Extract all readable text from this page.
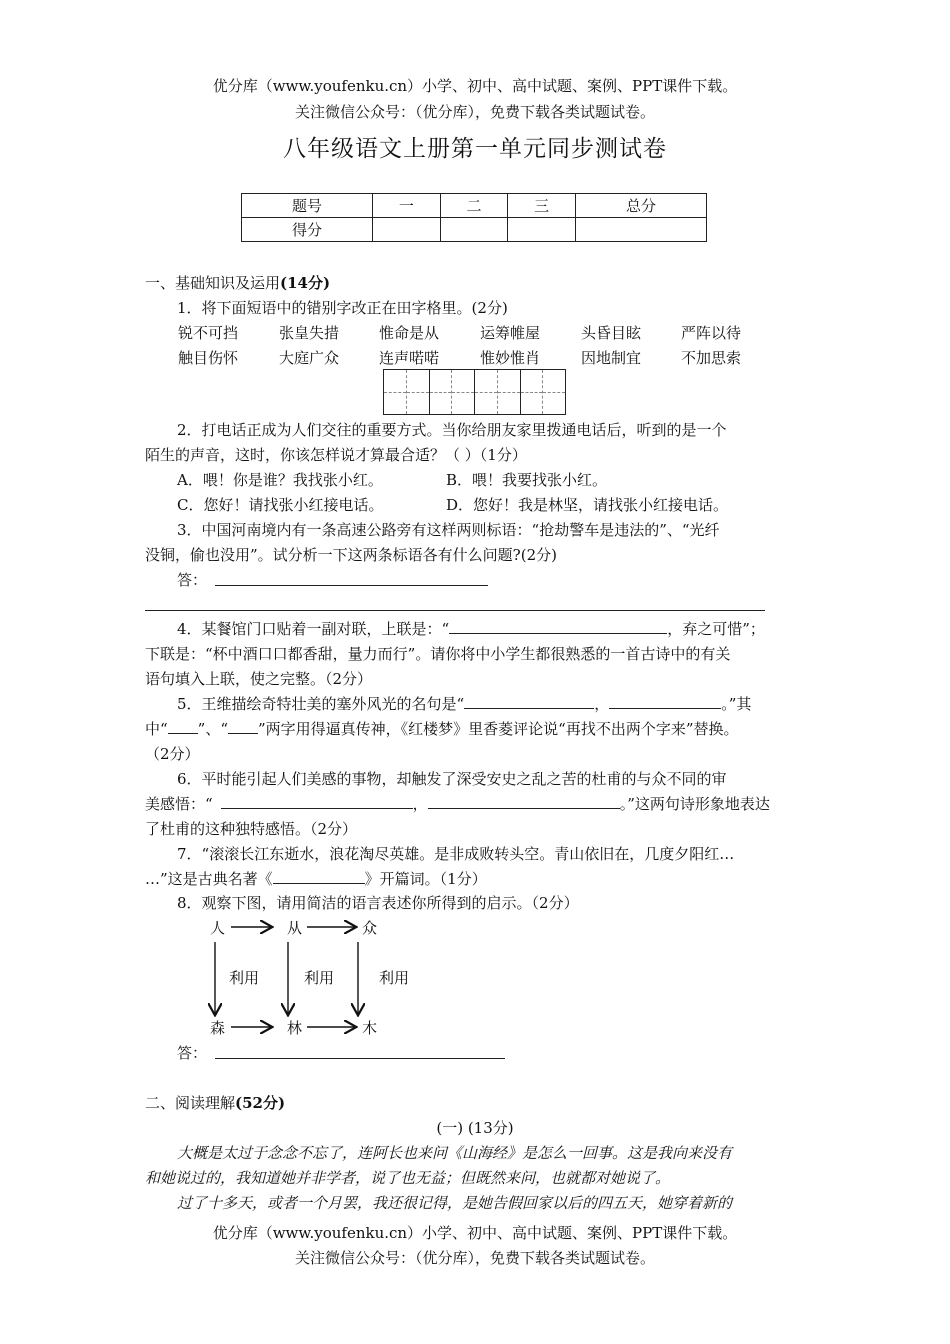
优分库（www.youfenku.cn）小学、初中、高中试题、案例、PPT课件下载。
关注微信公众号：（优分库），免费下载各类试题试卷。
八年级语文上册第一单元同步测试卷
题号	一	二	三	总分
得分				
一、基础知识及运用(14分)
1．将下面短语中的错别字改正在田字格里。(2分)
锐不可挡	张皇失措	惟命是从	运筹帷屋	头昏目眩	严阵以待
触目伤怀	大庭广众	连声喏喏	惟妙惟肖	因地制宜	不加思索
2．打电话正成为人们交往的重要方式。当你给朋友家里拨通电话后，听到的是一个
陌生的声音，这时，你该怎样说才算最合适？（ ）（1分）
A．喂！你是谁？我找张小红。	B．喂！我要找张小红。
C．您好！请找张小红接电话。	D．您好！我是林坚，请找张小红接电话。
3．中国河南境内有一条高速公路旁有这样两则标语：“抢劫警车是违法的”、“光纤
没铜，偷也没用”。试分析一下这两条标语各有什么问题?(2分)
答：
4．某餐馆门口贴着一副对联，上联是：“	，弃之可惜”；
下联是：“杯中酒口口都香甜，量力而行”。请你将中小学生都很熟悉的一首古诗中的有关
语句填入上联，使之完整。（2分）
5．王维描绘奇特壮美的塞外风光的名句是“	，	。”其
中“ ”、“ ”两字用得逼真传神，《红楼梦》里香菱评论说“再找不出两个字来”替换。
（2分）
6．平时能引起人们美感的事物，却触发了深受安史之乱之苦的杜甫的与众不同的审
美感悟：“	，	。”这两句诗形象地表达
了杜甫的这种独特感悟。（2分）
7．“滚滚长江东逝水，浪花淘尽英雄。是非成败转头空。青山依旧在，几度夕阳红…
…”这是古典名著《	》开篇词。（1分）
8．观察下图，请用简洁的语言表述你所得到的启示。（2分）
人	从	众
利用	利用	利用
森	林	木
答：
二、阅读理解(52分)
(一) (13分)
大概是太过于念念不忘了，连阿长也来问《山海经》是怎么一回事。这是我向来没有
和她说过的，我知道她并非学者，说了也无益；但既然来问，也就都对她说了。
过了十多天，或者一个月罢，我还很记得，是她告假回家以后的四五天，她穿着新的
优分库（www.youfenku.cn）小学、初中、高中试题、案例、PPT课件下载。
关注微信公众号：（优分库），免费下载各类试题试卷。
